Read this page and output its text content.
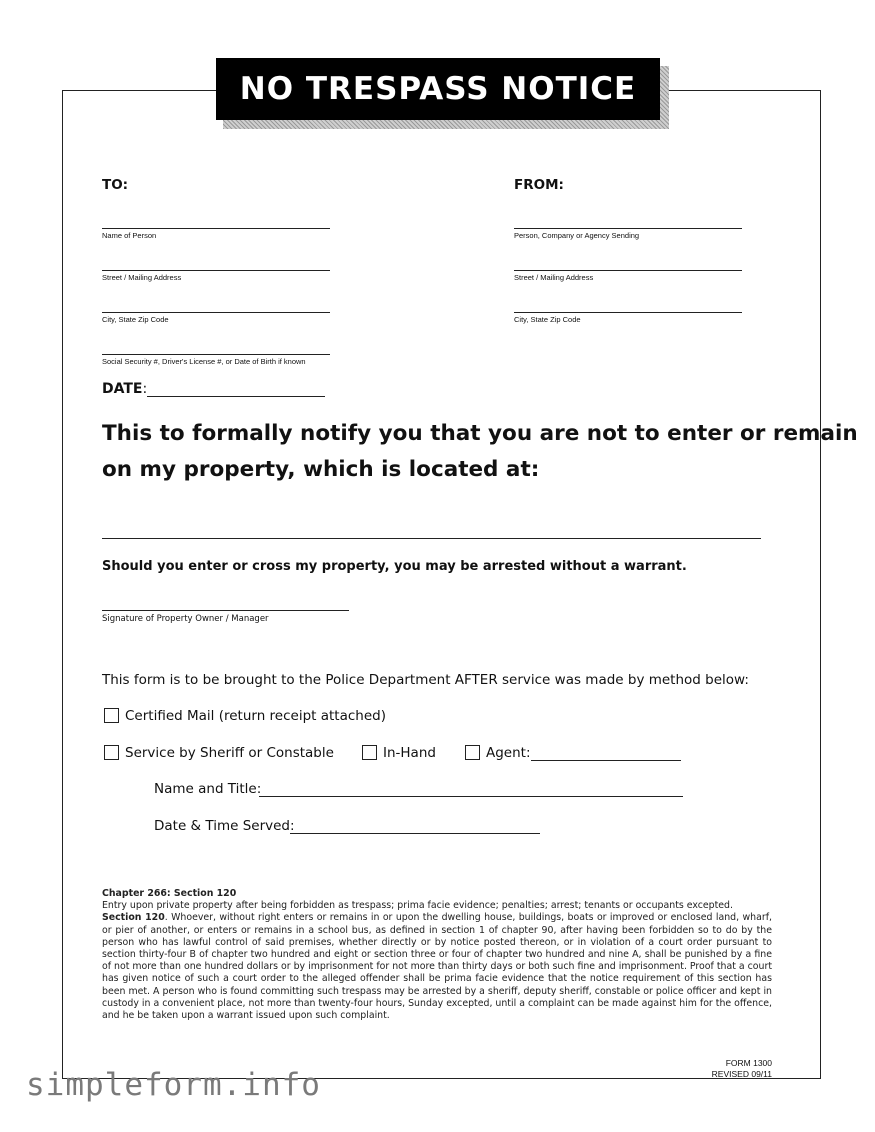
NO TRESPASS NOTICE
TO:
Name of Person
Street / Mailing Address
City, State Zip Code
Social Security #, Driver's License #, or Date of Birth if known
FROM:
Person, Company or Agency Sending
Street / Mailing Address
City, State Zip Code
DATE:
This to formally notify you that you are not to enter or remain
on my property, which is located at:
Should you enter or cross my property, you may be arrested without a warrant.
Signature of Property Owner / Manager
This form is to be brought to the Police Department AFTER service was made by method below:
Certified Mail (return receipt attached)
Service by Sheriff or Constable	In-Hand	Agent:
Name and Title:
Date & Time Served:

Chapter 266: Section 120

Entry upon private property after being forbidden as trespass; prima facie evidence; penalties; arrest; tenants or occupants excepted.

Section 120. Whoever, without right enters or remains in or upon the dwelling house, buildings, boats or improved or enclosed land, wharf, or pier of another, or enters or remains in a school bus, as defined in section 1 of chapter 90, after having been forbidden so to do by the person who has lawful control of said premises, whether directly or by notice posted thereon, or in violation of a court order pursuant to section thirty-four B of chapter two hundred and eight or section three or four of chapter two hundred and nine A, shall be punished by a fine of not more than one hundred dollars or by imprisonment for not more than thirty days or both such fine and imprisonment. Proof that a court has given notice of such a court order to the alleged offender shall be prima facie evidence that the notice requirement of this section has been met. A person who is found committing such trespass may be arrested by a sheriff, deputy sheriff, constable or police officer and kept in custody in a convenient place, not more than twenty-four hours, Sunday excepted, until a complaint can be made against him for the offence, and he be taken upon a warrant issued upon such complaint.

FORM 1300
REVISED 09/11
simpleform.info
